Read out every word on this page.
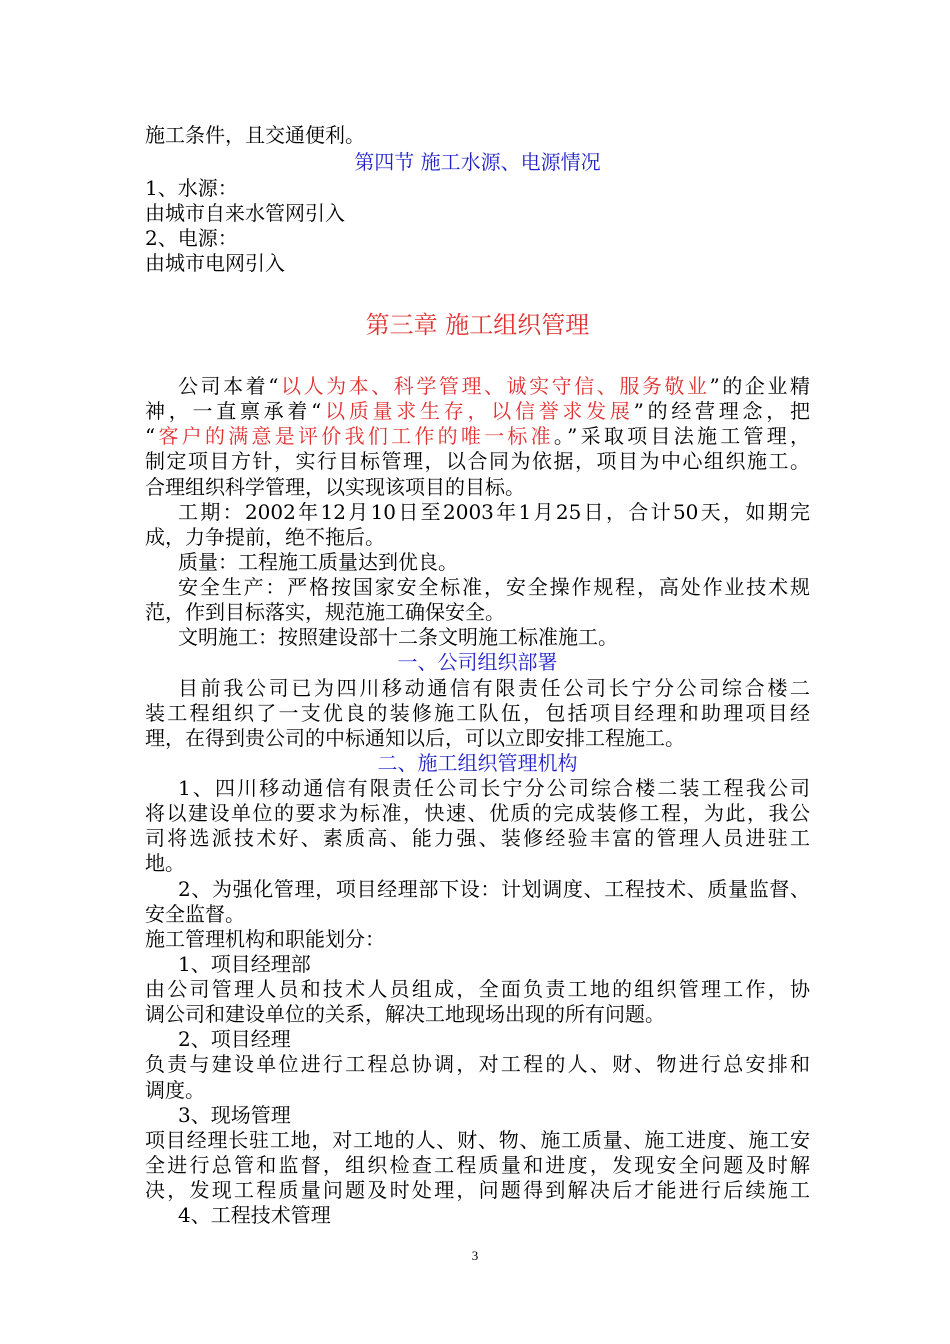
施工条件，且交通便利。
第四节 施工水源、电源情况
1、水源：
由城市自来水管网引入
2、电源：
由城市电网引入
第三章 施工组织管理
公司本着“以人为本、科学管理、诚实守信、服务敬业”的企业精
神，一直禀承着“以质量求生存，以信誉求发展”的经营理念，把
“客户的满意是评价我们工作的唯一标准。”采取项目法施工管理，
制定项目方针，实行目标管理，以合同为依据，项目为中心组织施工。
合理组织科学管理，以实现该项目的目标。
工期：2002年12月10日至2003年1月25日，合计50天，如期完
成，力争提前，绝不拖后。
质量：工程施工质量达到优良。
安全生产：严格按国家安全标准，安全操作规程，高处作业技术规
范，作到目标落实，规范施工确保安全。
文明施工：按照建设部十二条文明施工标准施工。
一、公司组织部署
目前我公司已为四川移动通信有限责任公司长宁分公司综合楼二
装工程组织了一支优良的装修施工队伍，包括项目经理和助理项目经
理，在得到贵公司的中标通知以后，可以立即安排工程施工。
二、施工组织管理机构
1、四川移动通信有限责任公司长宁分公司综合楼二装工程我公司
将以建设单位的要求为标准，快速、优质的完成装修工程，为此，我公
司将选派技术好、素质高、能力强、装修经验丰富的管理人员进驻工
地。
2、为强化管理，项目经理部下设：计划调度、工程技术、质量监督、
安全监督。
施工管理机构和职能划分：
1、项目经理部
由公司管理人员和技术人员组成，全面负责工地的组织管理工作，协
调公司和建设单位的关系，解决工地现场出现的所有问题。
2、项目经理
负责与建设单位进行工程总协调，对工程的人、财、物进行总安排和
调度。
3、现场管理
项目经理长驻工地，对工地的人、财、物、施工质量、施工进度、施工安
全进行总管和监督，组织检查工程质量和进度，发现安全问题及时解
决，发现工程质量问题及时处理，问题得到解决后才能进行后续施工
4、工程技术管理
3
